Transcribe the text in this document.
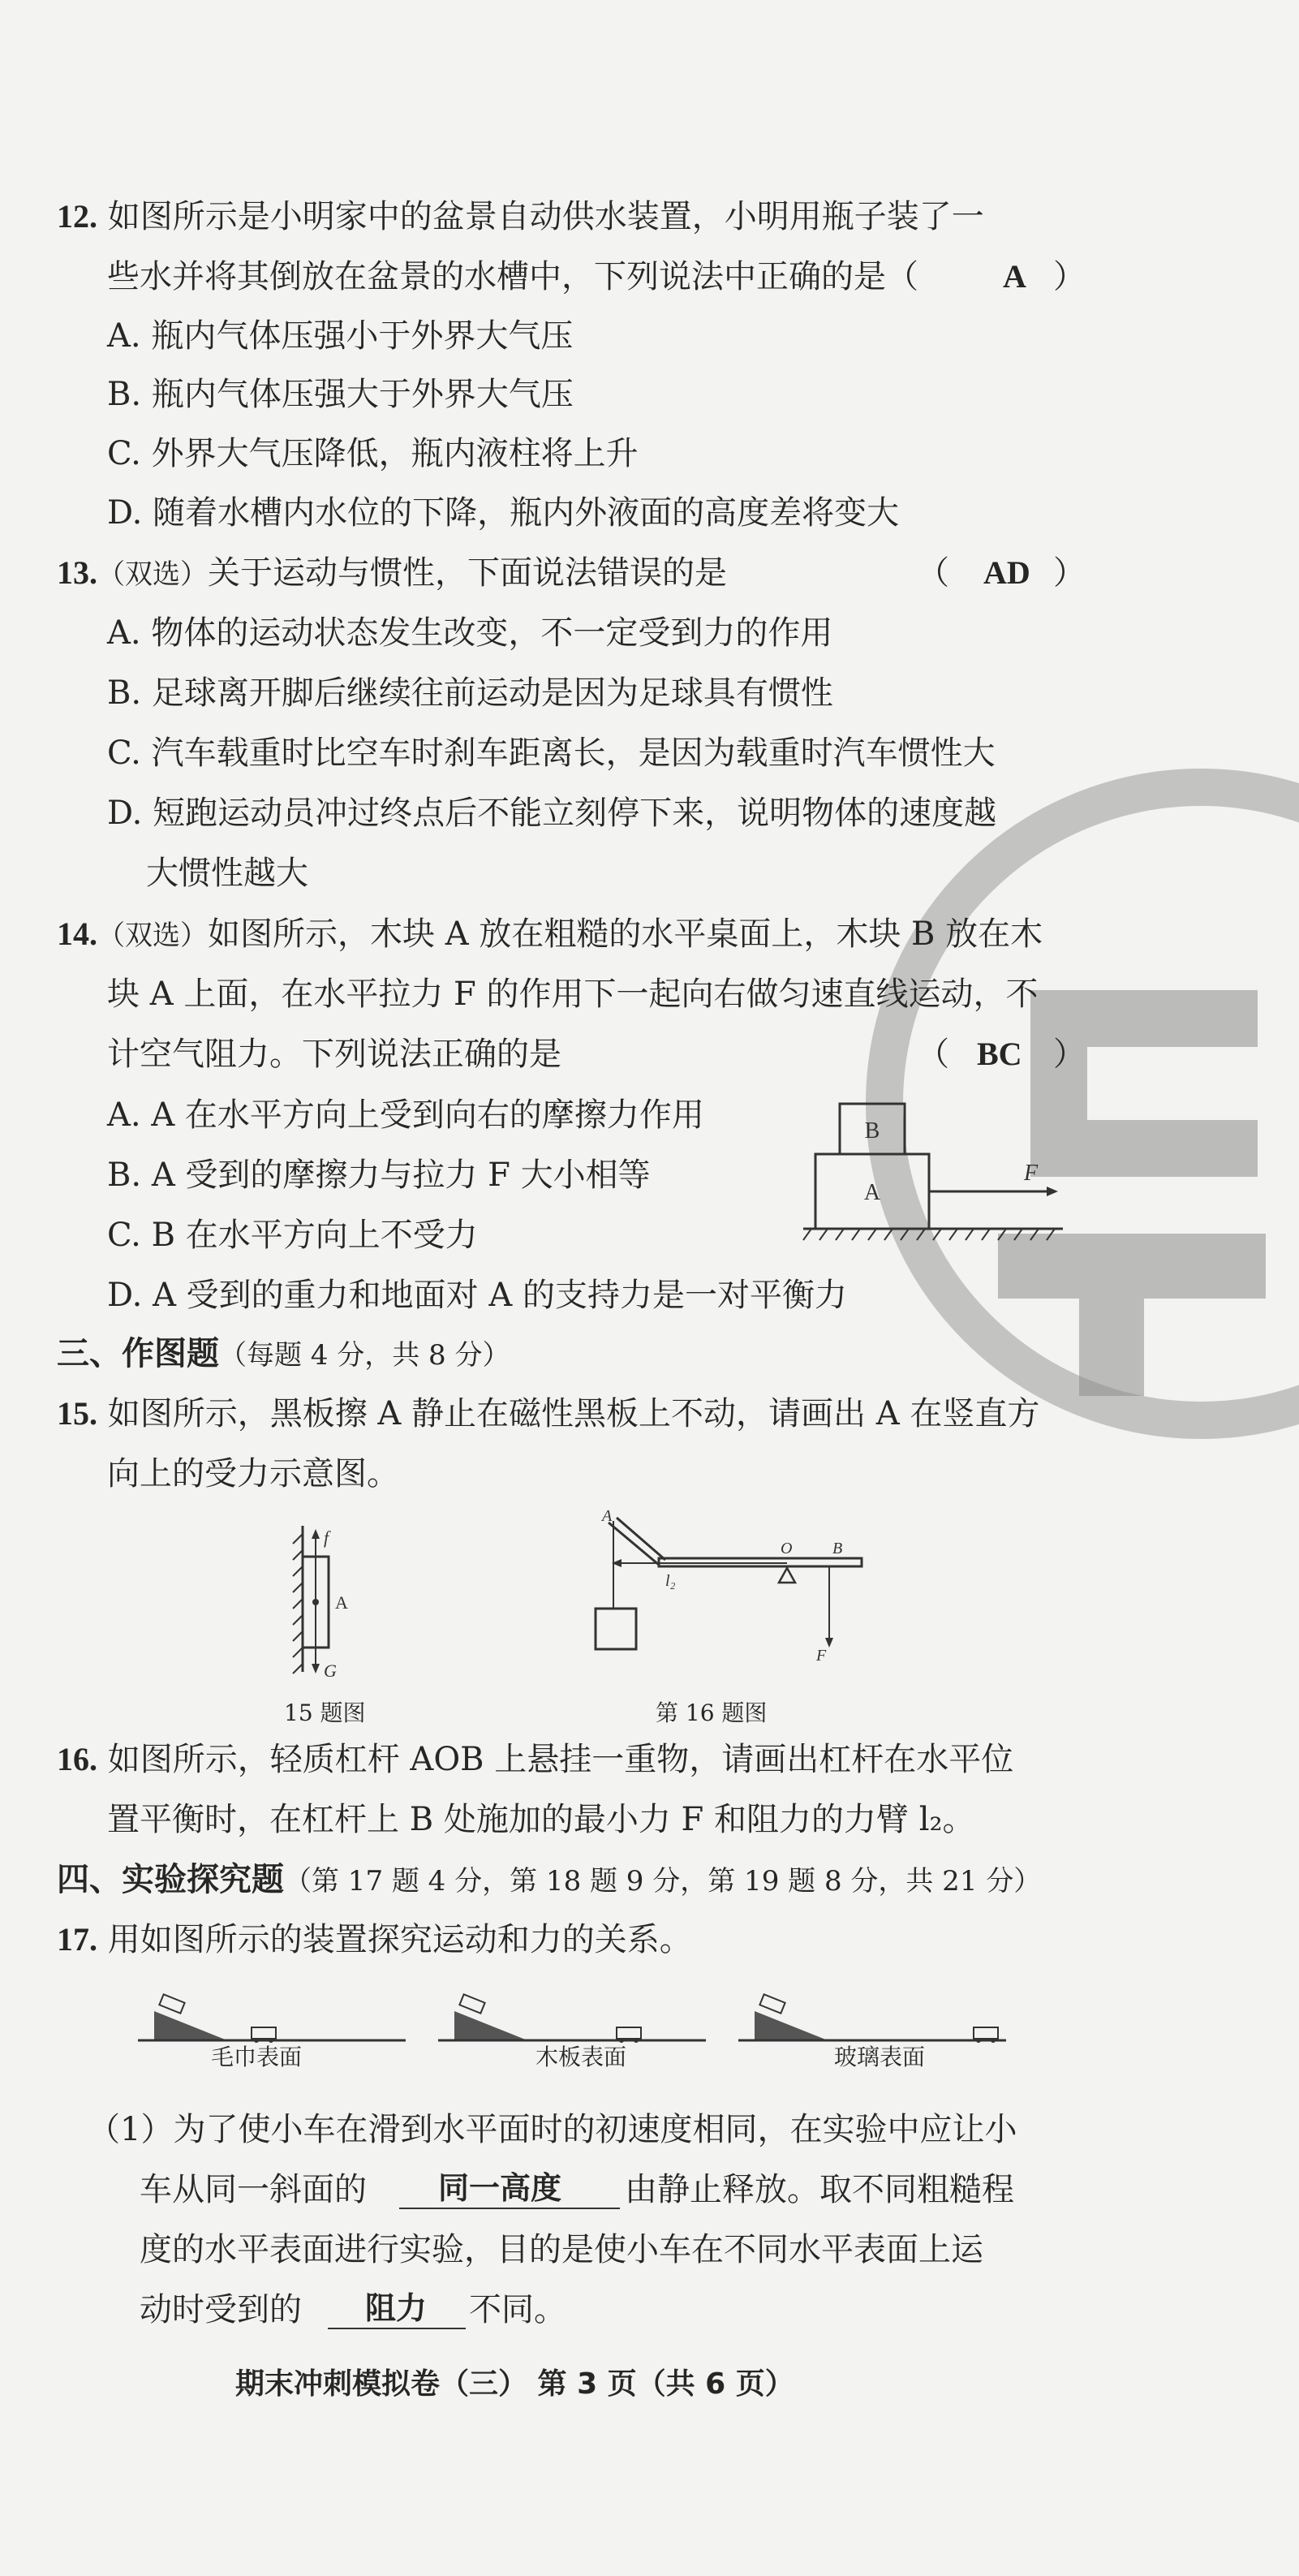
12. 如图所示是小明家中的盆景自动供水装置，小明用瓶子装了一
些水并将其倒放在盆景的水槽中，下列说法中正确的是（	A ）
A. 瓶内气体压强小于外界大气压
B. 瓶内气体压强大于外界大气压
C. 外界大气压降低，瓶内液柱将上升
D. 随着水槽内水位的下降，瓶内外液面的高度差将变大
13.（双选）关于运动与惯性，下面说法错误的是	（ AD ）
A. 物体的运动状态发生改变，不一定受到力的作用
B. 足球离开脚后继续往前运动是因为足球具有惯性
C. 汽车载重时比空车时刹车距离长，是因为载重时汽车惯性大
D. 短跑运动员冲过终点后不能立刻停下来，说明物体的速度越
大惯性越大
14.（双选）如图所示，木块 A 放在粗糙的水平桌面上，木块 B 放在木
块 A 上面，在水平拉力 F 的作用下一起向右做匀速直线运动，不
计空气阻力。下列说法正确的是	（ BC ）
A. A 在水平方向上受到向右的摩擦力作用
B. A 受到的摩擦力与拉力 F 大小相等
C. B 在水平方向上不受力
D. A 受到的重力和地面对 A 的支持力是一对平衡力
B
A
F
三、作图题（每题 4 分，共 8 分）
15. 如图所示，黑板擦 A 静止在磁性黑板上不动，请画出 A 在竖直方
向上的受力示意图。
f
A
G
15 题图
A
O B
l₂
F
第 16 题图
16. 如图所示，轻质杠杆 AOB 上悬挂一重物，请画出杠杆在水平位
置平衡时，在杠杆上 B 处施加的最小力 F 和阻力的力臂 l₂。
四、实验探究题（第 17 题 4 分，第 18 题 9 分，第 19 题 8 分，共 21 分）
17. 用如图所示的装置探究运动和力的关系。
毛巾表面	木板表面	玻璃表面
（1）为了使小车在滑到水平面时的初速度相同，在实验中应让小
车从同一斜面的 同一高度 由静止释放。取不同粗糙程
度的水平表面进行实验，目的是使小车在不同水平表面上运
动时受到的 阻力 不同。
期末冲刺模拟卷（三） 第 3 页（共 6 页）
